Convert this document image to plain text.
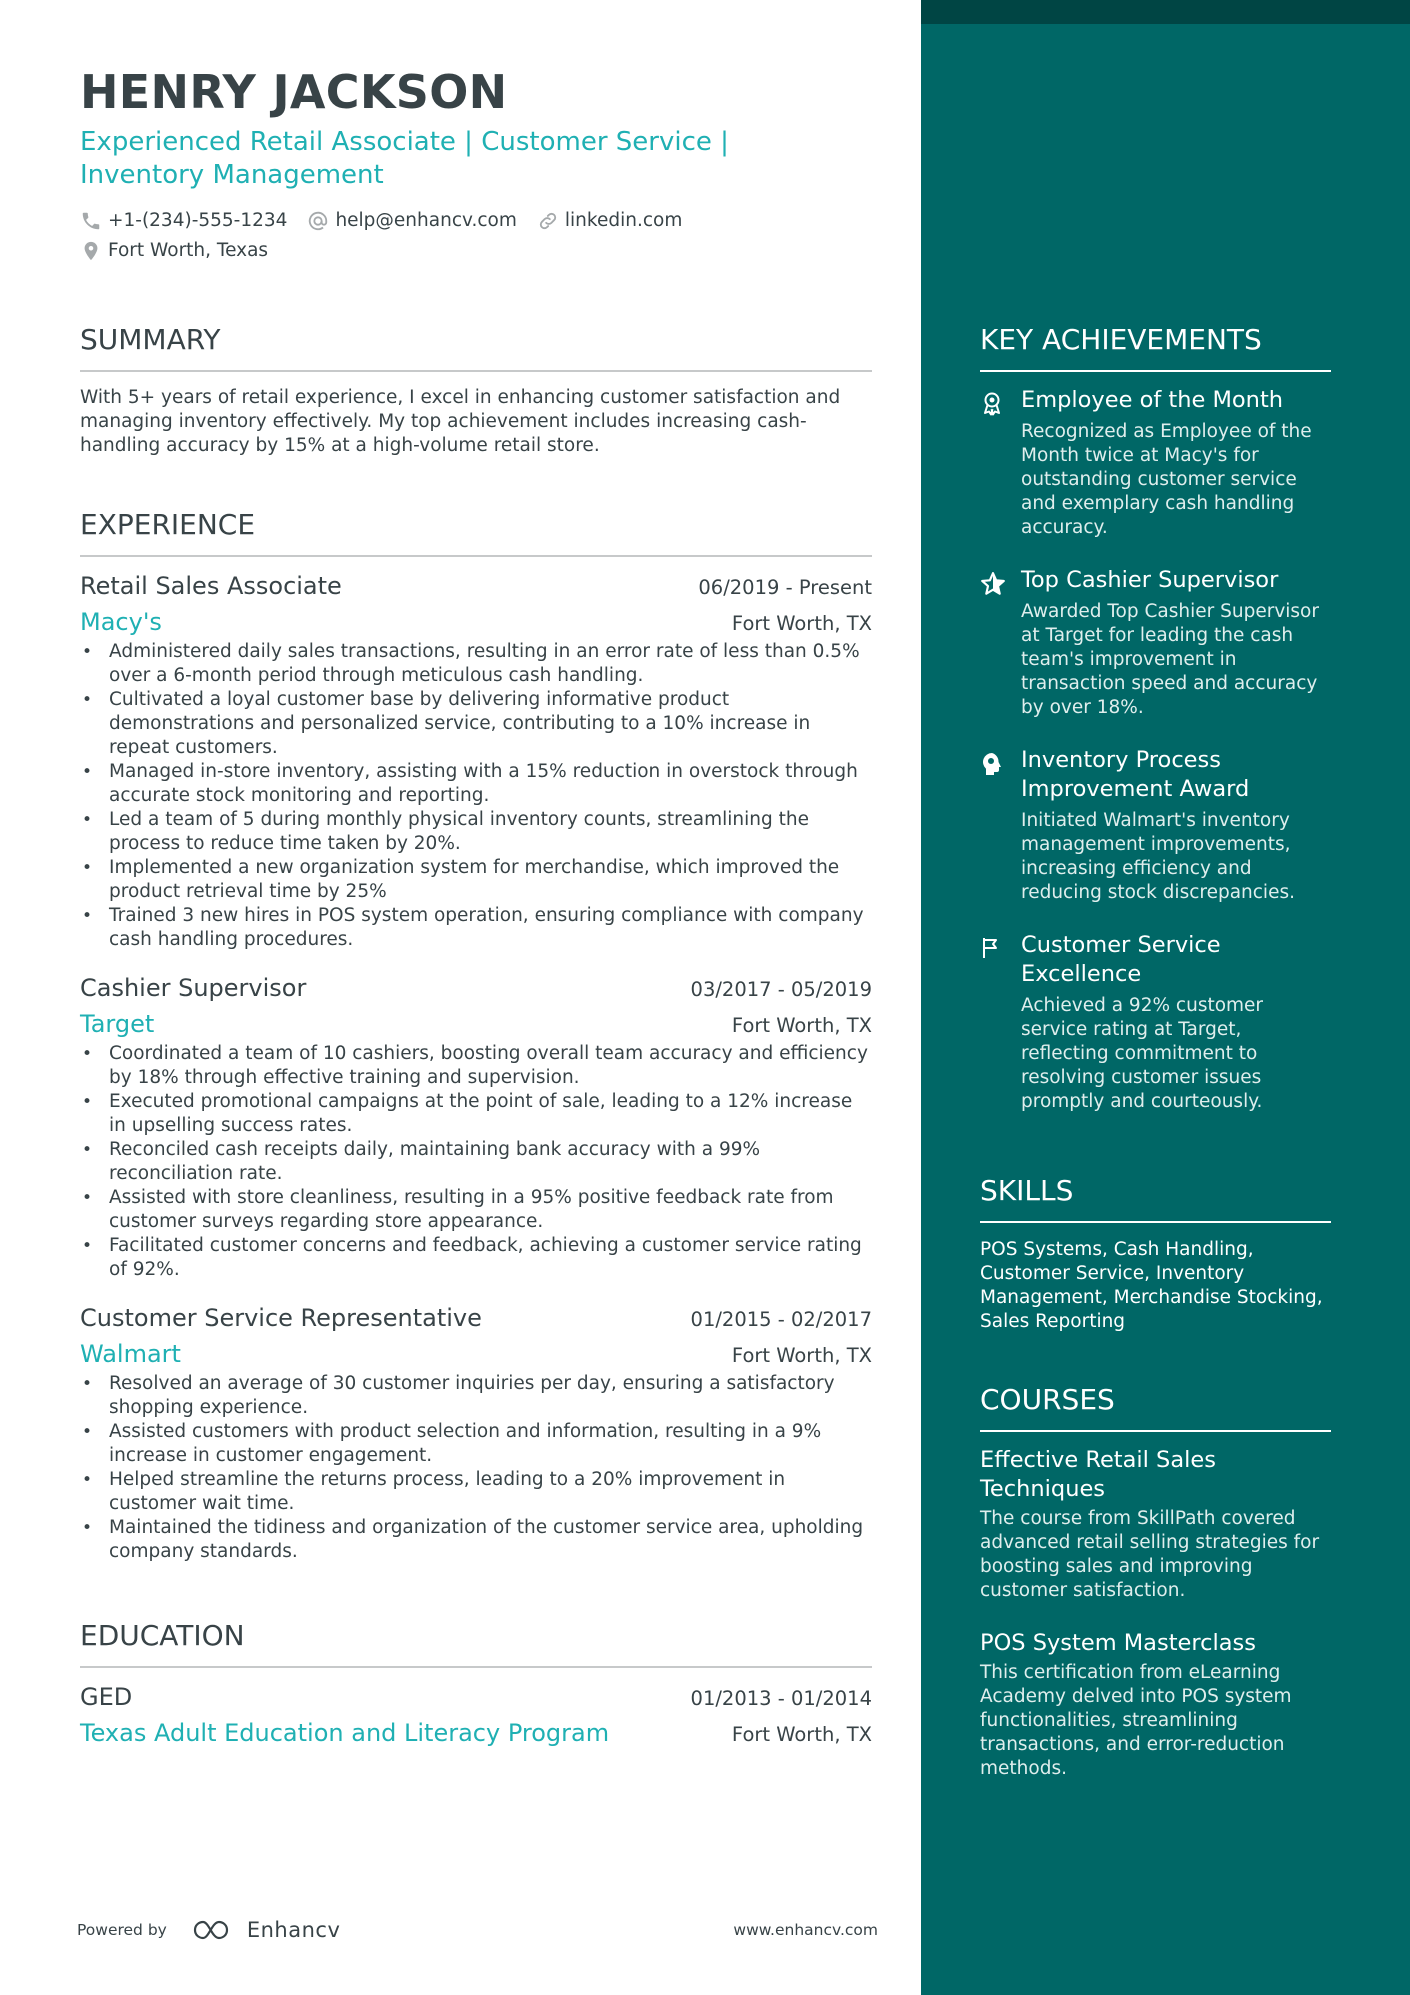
HENRY JACKSON
Experienced Retail Associate | Customer Service |
Inventory Management
+1-(234)-555-1234	help@enhancv.com	linkedin.com
Fort Worth, Texas
SUMMARY
With 5+ years of retail experience, I excel in enhancing customer satisfaction and managing inventory effectively. My top achievement includes increasing cash-handling accuracy by 15% at a high-volume retail store.
EXPERIENCE
Retail Sales Associate	06/2019 - Present
Macy's	Fort Worth, TX
• Administered daily sales transactions, resulting in an error rate of less than 0.5% over a 6-month period through meticulous cash handling.
• Cultivated a loyal customer base by delivering informative product demonstrations and personalized service, contributing to a 10% increase in repeat customers.
• Managed in-store inventory, assisting with a 15% reduction in overstock through accurate stock monitoring and reporting.
• Led a team of 5 during monthly physical inventory counts, streamlining the process to reduce time taken by 20%.
• Implemented a new organization system for merchandise, which improved the product retrieval time by 25%
• Trained 3 new hires in POS system operation, ensuring compliance with company cash handling procedures.
Cashier Supervisor	03/2017 - 05/2019
Target	Fort Worth, TX
• Coordinated a team of 10 cashiers, boosting overall team accuracy and efficiency by 18% through effective training and supervision.
• Executed promotional campaigns at the point of sale, leading to a 12% increase in upselling success rates.
• Reconciled cash receipts daily, maintaining bank accuracy with a 99% reconciliation rate.
• Assisted with store cleanliness, resulting in a 95% positive feedback rate from customer surveys regarding store appearance.
• Facilitated customer concerns and feedback, achieving a customer service rating of 92%.
Customer Service Representative	01/2015 - 02/2017
Walmart	Fort Worth, TX
• Resolved an average of 30 customer inquiries per day, ensuring a satisfactory shopping experience.
• Assisted customers with product selection and information, resulting in a 9% increase in customer engagement.
• Helped streamline the returns process, leading to a 20% improvement in customer wait time.
• Maintained the tidiness and organization of the customer service area, upholding company standards.
EDUCATION
GED	01/2013 - 01/2014
Texas Adult Education and Literacy Program	Fort Worth, TX
KEY ACHIEVEMENTS
Employee of the Month
Recognized as Employee of the Month twice at Macy's for outstanding customer service and exemplary cash handling accuracy.
Top Cashier Supervisor
Awarded Top Cashier Supervisor at Target for leading the cash team's improvement in transaction speed and accuracy by over 18%.
Inventory Process
Improvement Award
Initiated Walmart's inventory management improvements, increasing efficiency and reducing stock discrepancies.
Customer Service
Excellence
Achieved a 92% customer service rating at Target, reflecting commitment to resolving customer issues promptly and courteously.
SKILLS
POS Systems, Cash Handling, Customer Service, Inventory Management, Merchandise Stocking, Sales Reporting
COURSES
Effective Retail Sales
Techniques
The course from SkillPath covered advanced retail selling strategies for boosting sales and improving customer satisfaction.
POS System Masterclass
This certification from eLearning Academy delved into POS system functionalities, streamlining transactions, and error-reduction methods.
Powered by	Enhancv	www.enhancv.com
